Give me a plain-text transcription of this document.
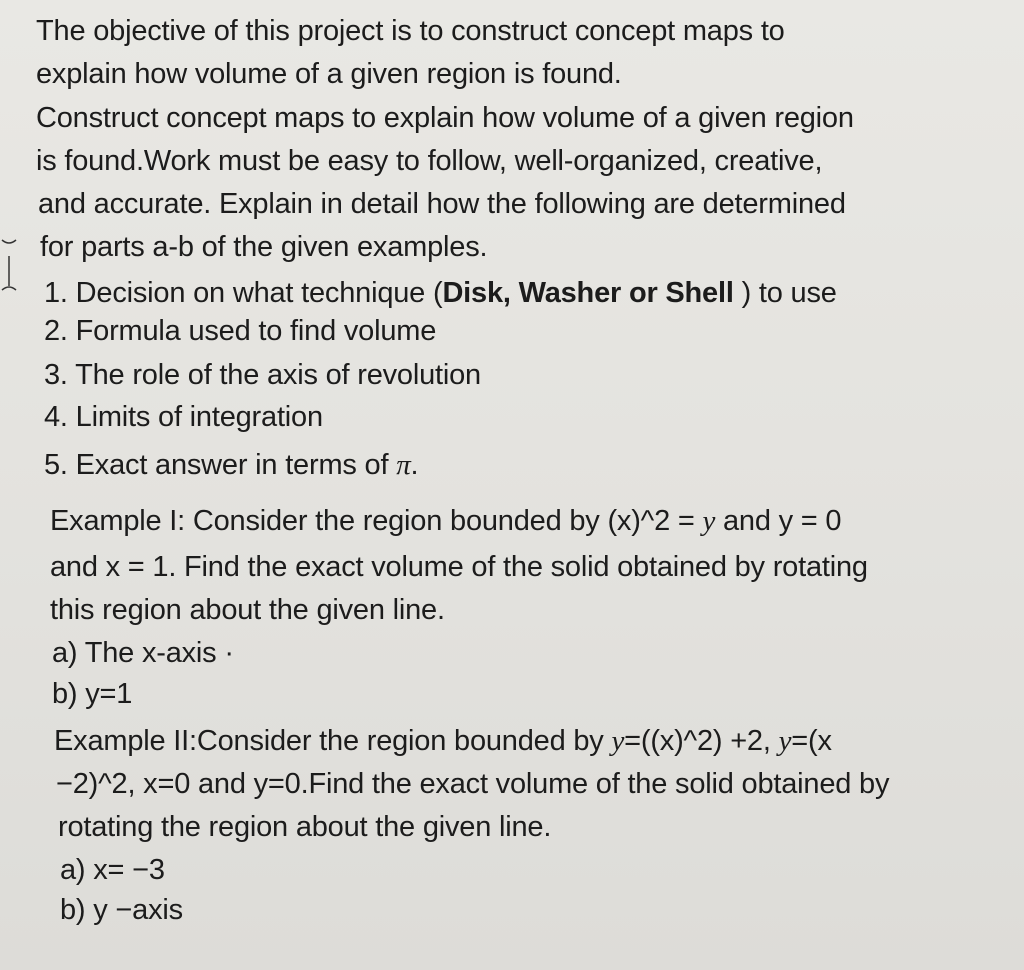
The objective of this project is to construct concept maps to
explain how volume of a given region is found.
Construct concept maps to explain how volume of a given region
is found.Work must be easy to follow, well-organized, creative,
and accurate. Explain in detail how the following are determined
for parts a-b of the given examples.
1. Decision on what technique (Disk, Washer or Shell ) to use
2. Formula used to find volume
3. The role of the axis of revolution
4. Limits of integration
5. Exact answer in terms of π.
Example I: Consider the region bounded by (x)^2 = y and y = 0
and x = 1. Find the exact volume of the solid obtained by rotating
this region about the given line.
a) The x-axis ·
b) y=1
Example II:Consider the region bounded by y=((x)^2) +2, y=(x
−2)^2, x=0 and y=0.Find the exact volume of the solid obtained by
rotating the region about the given line.
a) x= −3
b) y −axis
